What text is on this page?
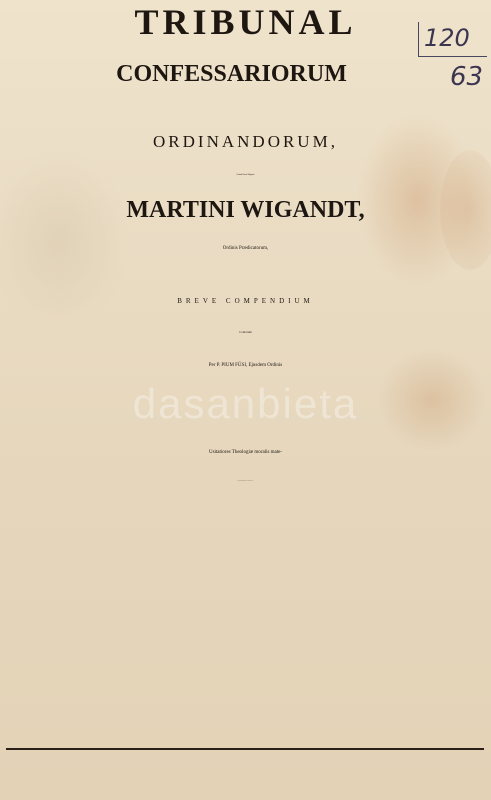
TRIBUNAL
CONFESSARIORUM
ORDINANDORUM,
Eximii Patris Magistri
MARTINI WIGANDT,
Ordinis Prædicatorum,
BREVE COMPENDIUM
Collectum
Per P. PIUM FÜSI, Ejusdem Ordinis
Usitatiores Theologiæ moralis mate-
riæ juxta probabiliora ac inconcussa An-
120
63
dasanbieta
